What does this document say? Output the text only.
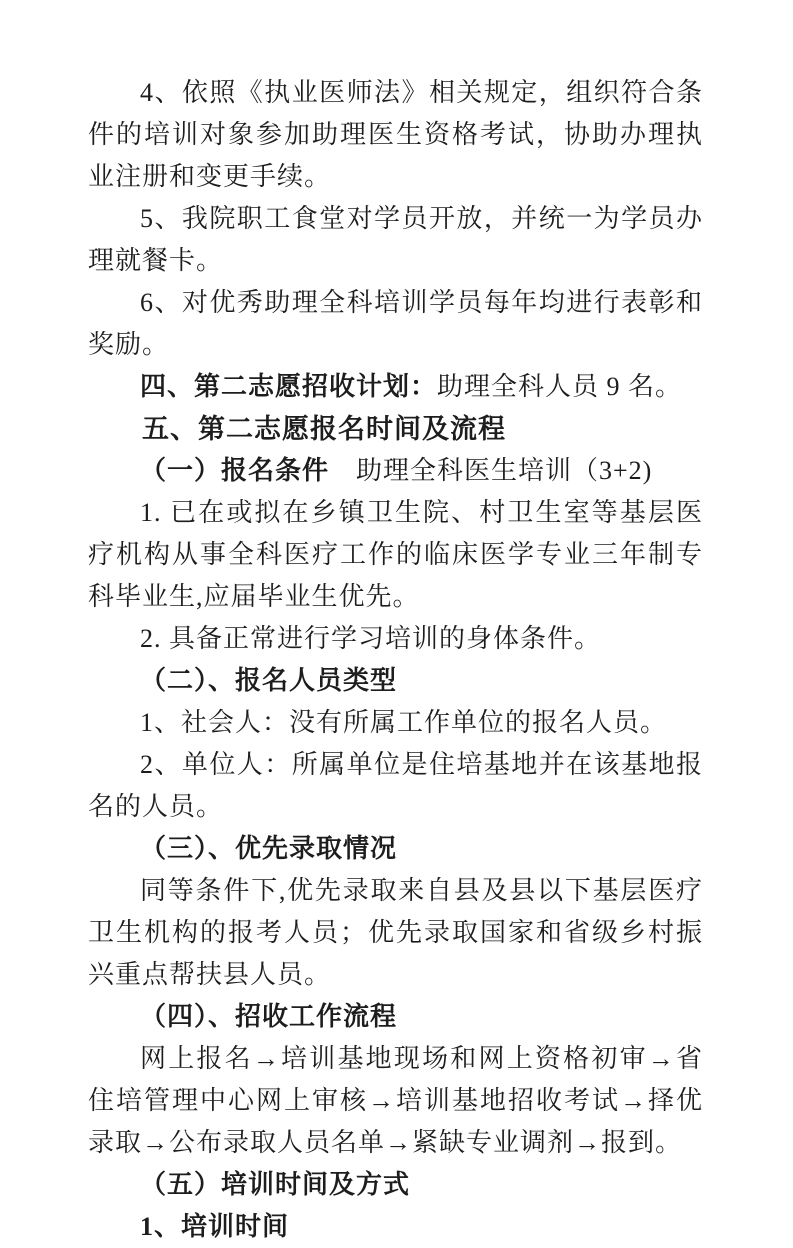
4、依照《执业医师法》相关规定，组织符合条件的培训对象参加助理医生资格考试，协助办理执业注册和变更手续。

5、我院职工食堂对学员开放，并统一为学员办理就餐卡。

6、对优秀助理全科培训学员每年均进行表彰和奖励。

四、第二志愿招收计划：助理全科人员 9 名。

五、第二志愿报名时间及流程

（一）报名条件　助理全科医生培训（3+2)

1. 已在或拟在乡镇卫生院、村卫生室等基层医疗机构从事全科医疗工作的临床医学专业三年制专科毕业生,应届毕业生优先。

2. 具备正常进行学习培训的身体条件。

（二）、报名人员类型

1、社会人：没有所属工作单位的报名人员。

2、单位人：所属单位是住培基地并在该基地报名的人员。

（三）、优先录取情况

同等条件下,优先录取来自县及县以下基层医疗卫生机构的报考人员；优先录取国家和省级乡村振兴重点帮扶县人员。

（四）、招收工作流程

网上报名→培训基地现场和网上资格初审→省住培管理中心网上审核→培训基地招收考试→择优录取→公布录取人员名单→紧缺专业调剂→报到。

（五）培训时间及方式

1、培训时间
